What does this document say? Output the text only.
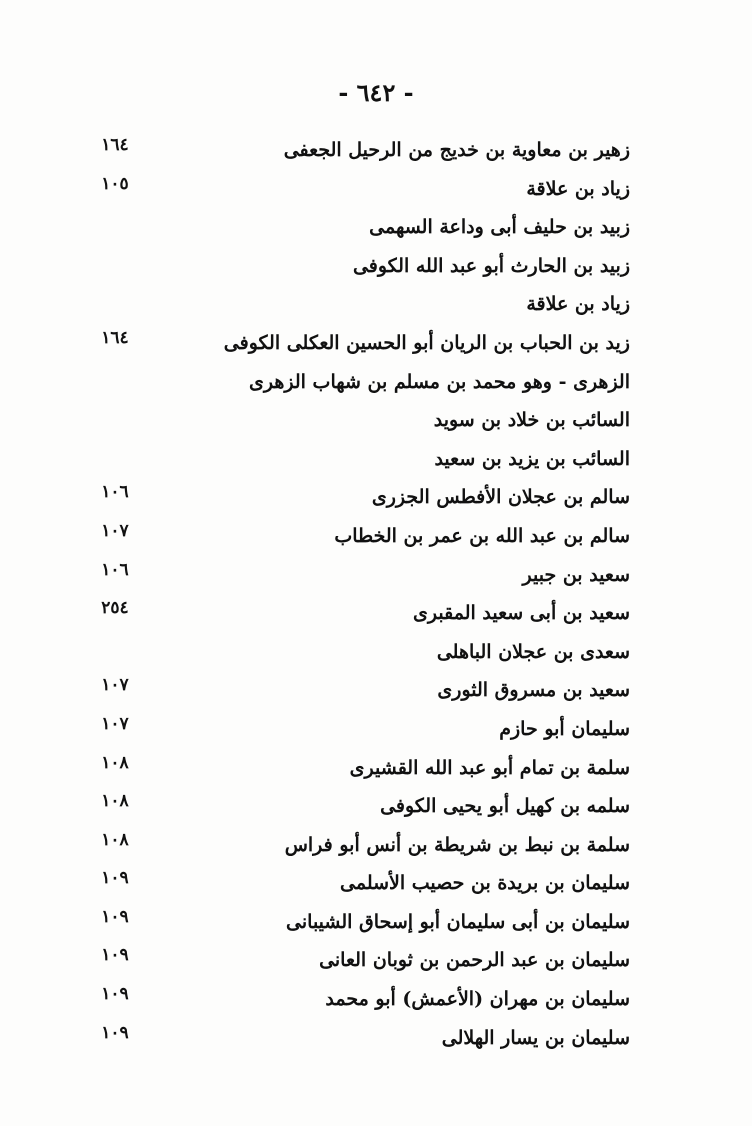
- ٦٤٢ -
زهير بن معاوية بن خديج من الرحيل الجعفى
١٦٤
زياد بن علاقة
١٠٥
زبيد بن حليف أبى وداعة السهمى
زبيد بن الحارث أبو عبد الله الكوفى
زياد بن علاقة
زيد بن الحباب بن الريان أبو الحسين العكلى الكوفى
١٦٤
الزهرى - وهو محمد بن مسلم بن شهاب الزهرى
السائب بن خلاد بن سويد
السائب بن يزيد بن سعيد
سالم بن عجلان الأفطس الجزرى
١٠٦
سالم بن عبد الله بن عمر بن الخطاب
١٠٧
سعيد بن جبير
١٠٦
سعيد بن أبى سعيد المقبرى
٢٥٤
سعدى بن عجلان الباهلى
سعيد بن مسروق الثورى
١٠٧
سليمان أبو حازم
١٠٧
سلمة بن تمام أبو عبد الله القشيرى
١٠٨
سلمه بن كهيل أبو يحيى الكوفى
١٠٨
سلمة بن نبط بن شريطة بن أنس أبو فراس
١٠٨
سليمان بن بريدة بن حصيب الأسلمى
١٠٩
سليمان بن أبى سليمان أبو إسحاق الشيبانى
١٠٩
سليمان بن عبد الرحمن بن ثوبان العانى
١٠٩
سليمان بن مهران (الأعمش) أبو محمد
١٠٩
سليمان بن يسار الهلالى
١٠٩
